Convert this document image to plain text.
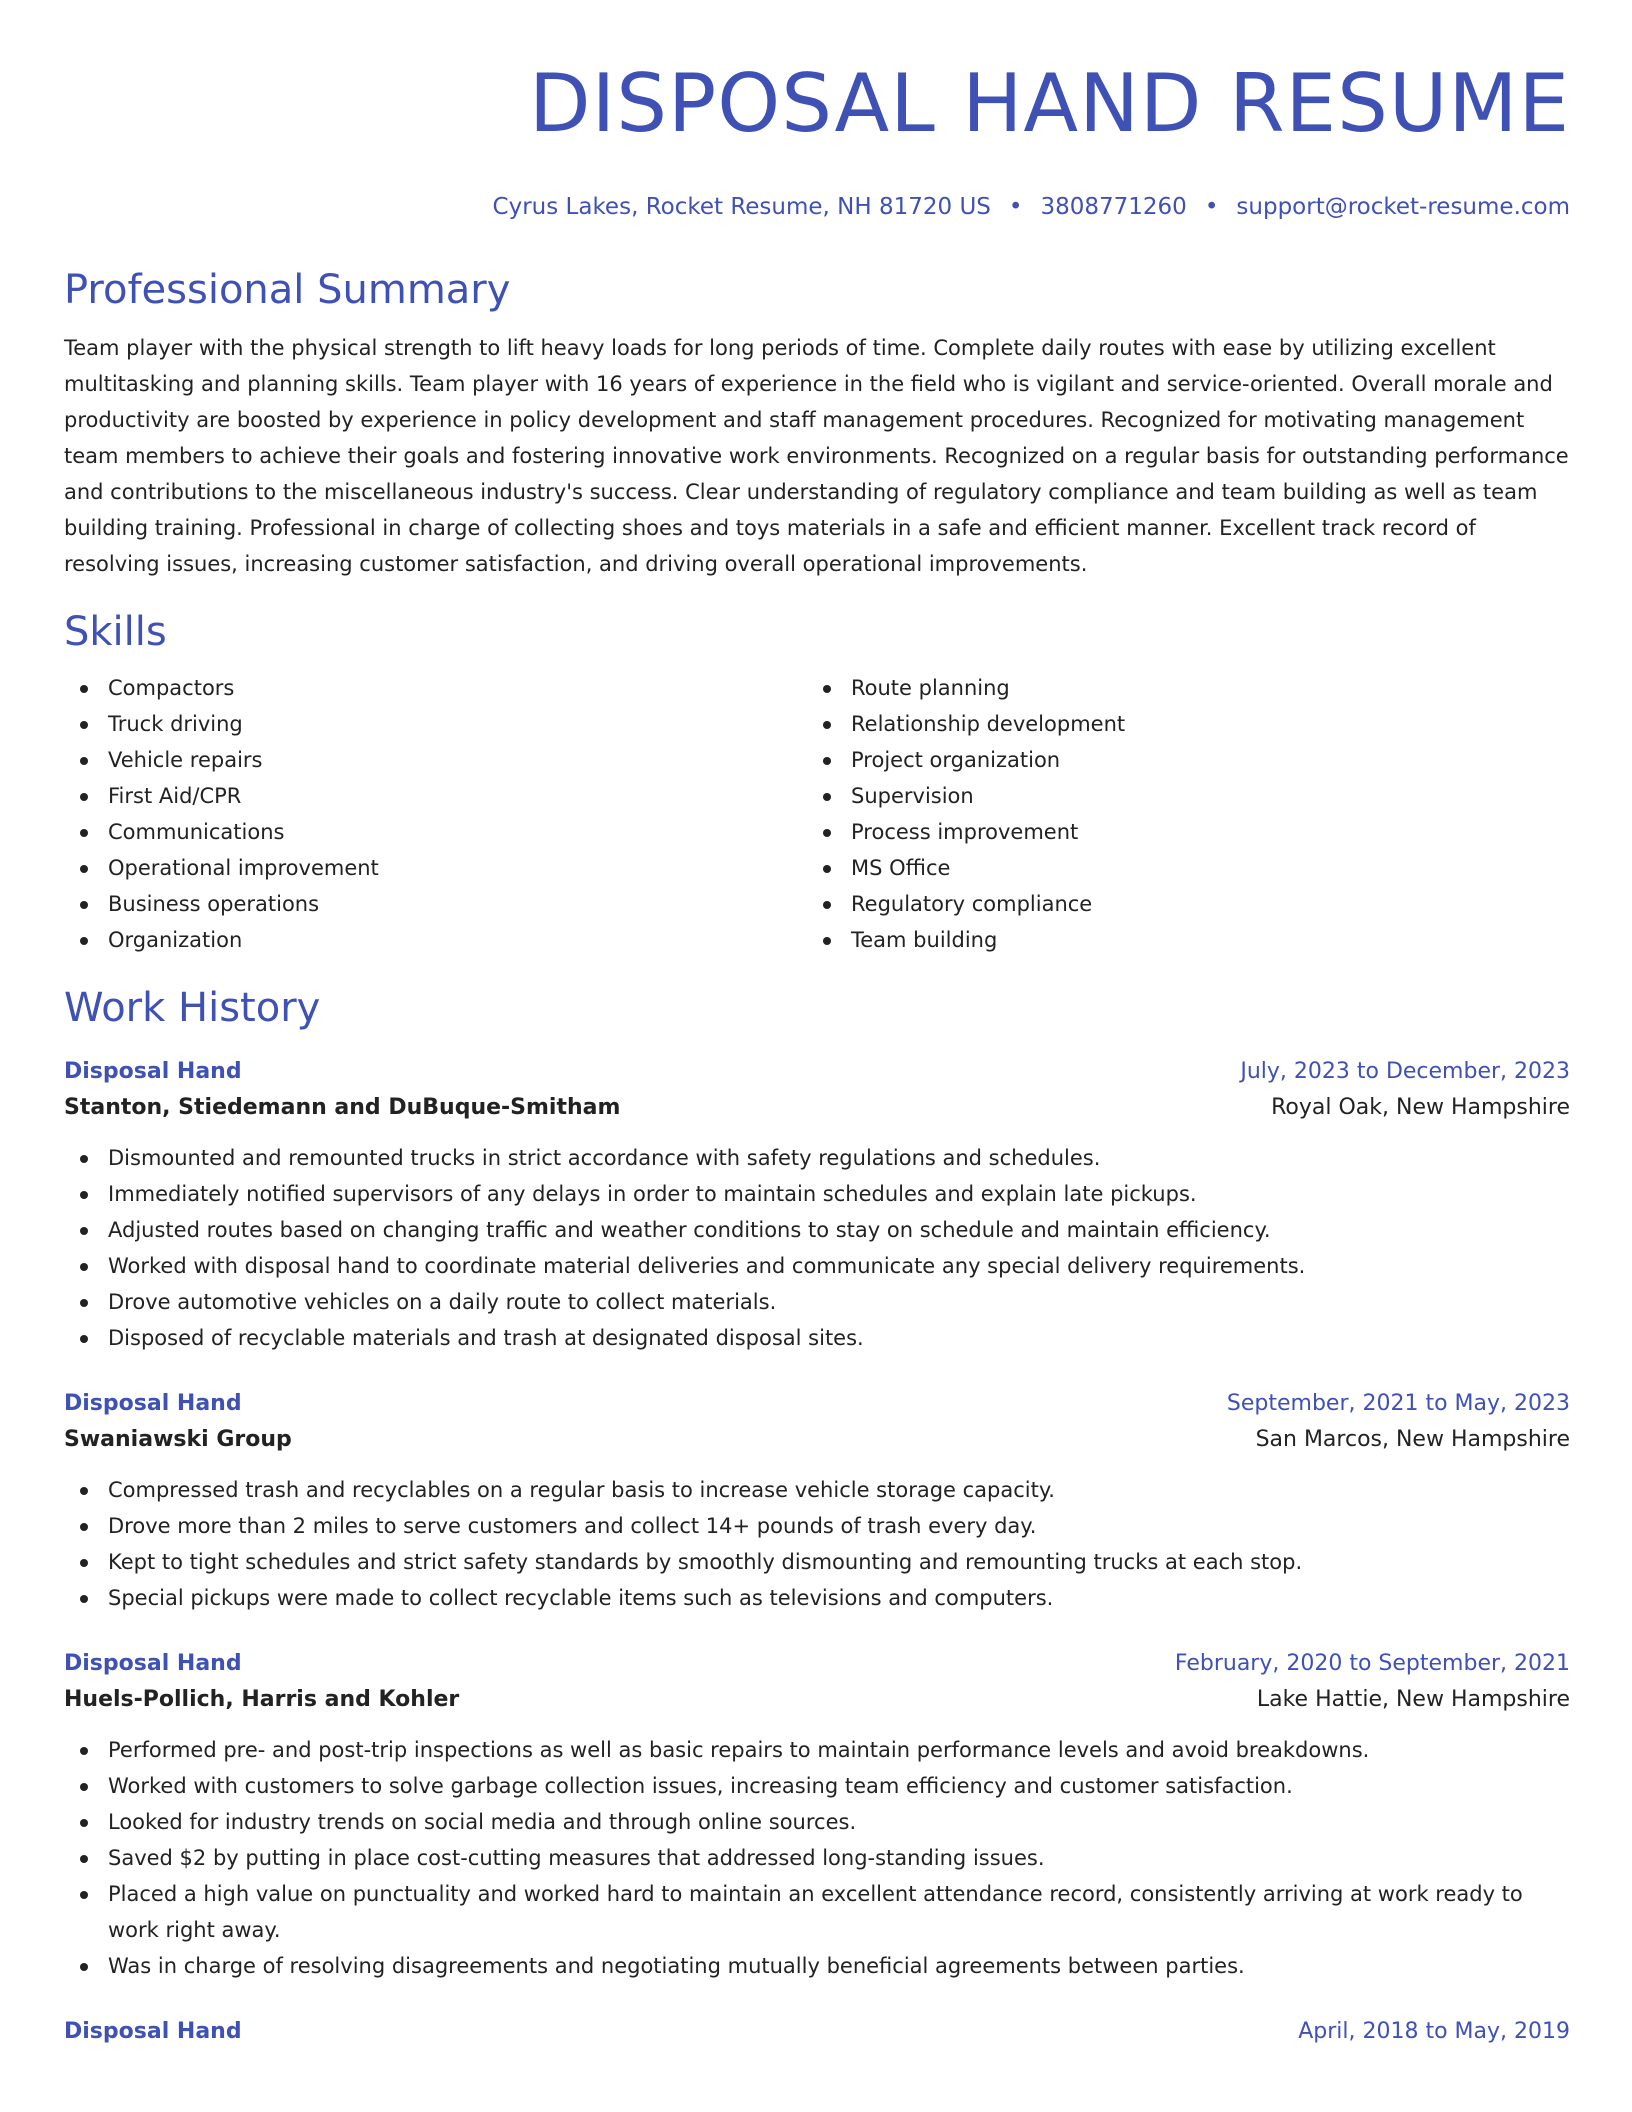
DISPOSAL HAND RESUME
Cyrus Lakes, Rocket Resume, NH 81720 US • 3808771260 • support@rocket-resume.com
Professional Summary
Team player with the physical strength to lift heavy loads for long periods of time. Complete daily routes with ease by utilizing excellent multitasking and planning skills. Team player with 16 years of experience in the field who is vigilant and service-oriented. Overall morale and productivity are boosted by experience in policy development and staff management procedures. Recognized for motivating management team members to achieve their goals and fostering innovative work environments. Recognized on a regular basis for outstanding performance and contributions to the miscellaneous industry's success. Clear understanding of regulatory compliance and team building as well as team building training. Professional in charge of collecting shoes and toys materials in a safe and efficient manner. Excellent track record of resolving issues, increasing customer satisfaction, and driving overall operational improvements.
Skills
Compactors
Truck driving
Vehicle repairs
First Aid/CPR
Communications
Operational improvement
Business operations
Organization
Route planning
Relationship development
Project organization
Supervision
Process improvement
MS Office
Regulatory compliance
Team building
Work History
Disposal Hand	July, 2023 to December, 2023
Stanton, Stiedemann and DuBuque-Smitham	Royal Oak, New Hampshire
Dismounted and remounted trucks in strict accordance with safety regulations and schedules.
Immediately notified supervisors of any delays in order to maintain schedules and explain late pickups.
Adjusted routes based on changing traffic and weather conditions to stay on schedule and maintain efficiency.
Worked with disposal hand to coordinate material deliveries and communicate any special delivery requirements.
Drove automotive vehicles on a daily route to collect materials.
Disposed of recyclable materials and trash at designated disposal sites.
Disposal Hand	September, 2021 to May, 2023
Swaniawski Group	San Marcos, New Hampshire
Compressed trash and recyclables on a regular basis to increase vehicle storage capacity.
Drove more than 2 miles to serve customers and collect 14+ pounds of trash every day.
Kept to tight schedules and strict safety standards by smoothly dismounting and remounting trucks at each stop.
Special pickups were made to collect recyclable items such as televisions and computers.
Disposal Hand	February, 2020 to September, 2021
Huels-Pollich, Harris and Kohler	Lake Hattie, New Hampshire
Performed pre- and post-trip inspections as well as basic repairs to maintain performance levels and avoid breakdowns.
Worked with customers to solve garbage collection issues, increasing team efficiency and customer satisfaction.
Looked for industry trends on social media and through online sources.
Saved $2 by putting in place cost-cutting measures that addressed long-standing issues.
Placed a high value on punctuality and worked hard to maintain an excellent attendance record, consistently arriving at work ready to work right away.
Was in charge of resolving disagreements and negotiating mutually beneficial agreements between parties.
Disposal Hand	April, 2018 to May, 2019
